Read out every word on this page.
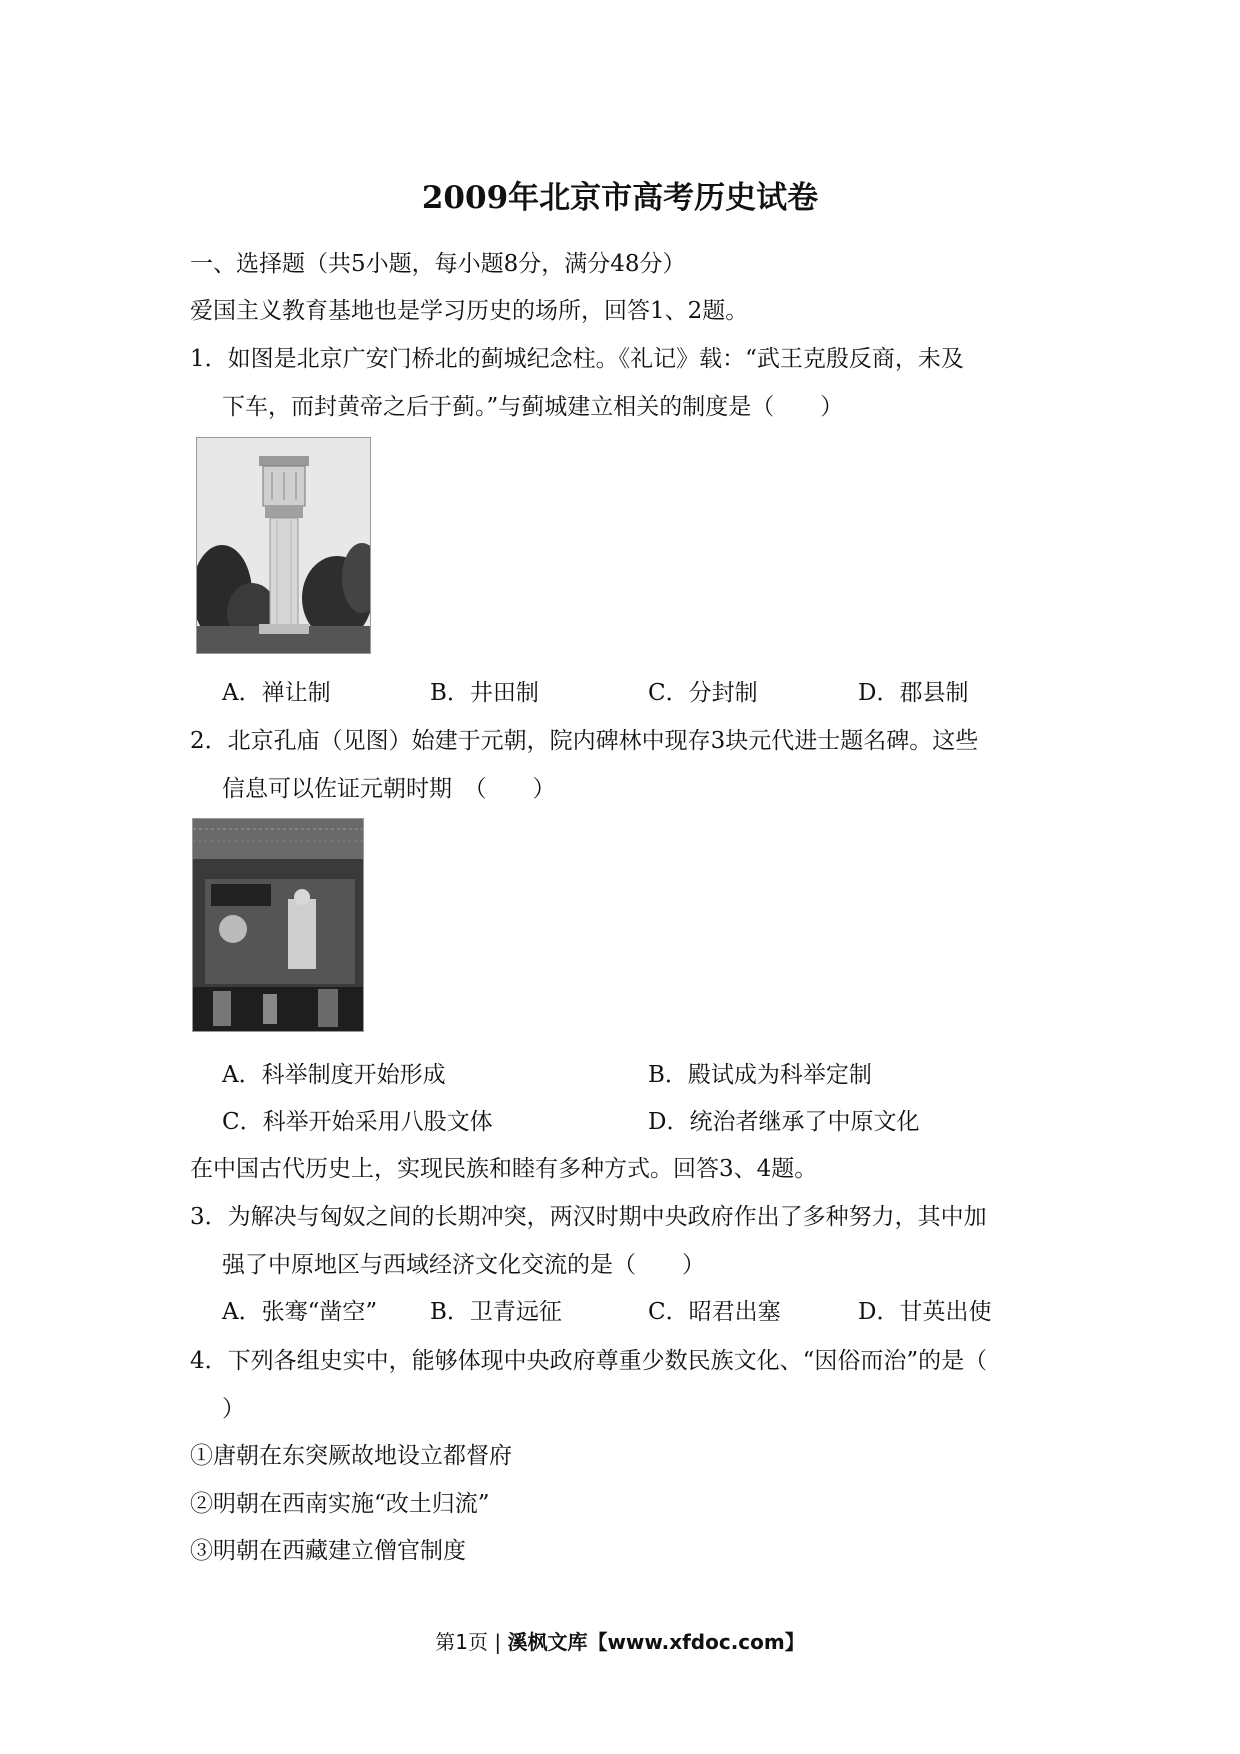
2009年北京市高考历史试卷
一、选择题（共5小题，每小题8分，满分48分）
爱国主义教育基地也是学习历史的场所，回答1、2题。
1．如图是北京广安门桥北的蓟城纪念柱。《礼记》载：“武王克殷反商，未及
下车，而封黄帝之后于蓟。”与蓟城建立相关的制度是（　　）
A．禅让制	B．井田制	C．分封制	D．郡县制
2．北京孔庙（见图）始建于元朝，院内碑林中现存3块元代进士题名碑。这些
信息可以佐证元朝时期　（　　）
A．科举制度开始形成	B．殿试成为科举定制
C．科举开始采用八股文体	D．统治者继承了中原文化
在中国古代历史上，实现民族和睦有多种方式。回答3、4题。
3．为解决与匈奴之间的长期冲突，两汉时期中央政府作出了多种努力，其中加
强了中原地区与西域经济文化交流的是（　　）
A．张骞“凿空” B．卫青远征	C．昭君出塞	D．甘英出使
4．下列各组史实中，能够体现中央政府尊重少数民族文化、“因俗而治”的是（
）
①唐朝在东突厥故地设立都督府
②明朝在西南实施“改土归流”
③明朝在西藏建立僧官制度
第1页 | 溪枫文库【www.xfdoc.com】
